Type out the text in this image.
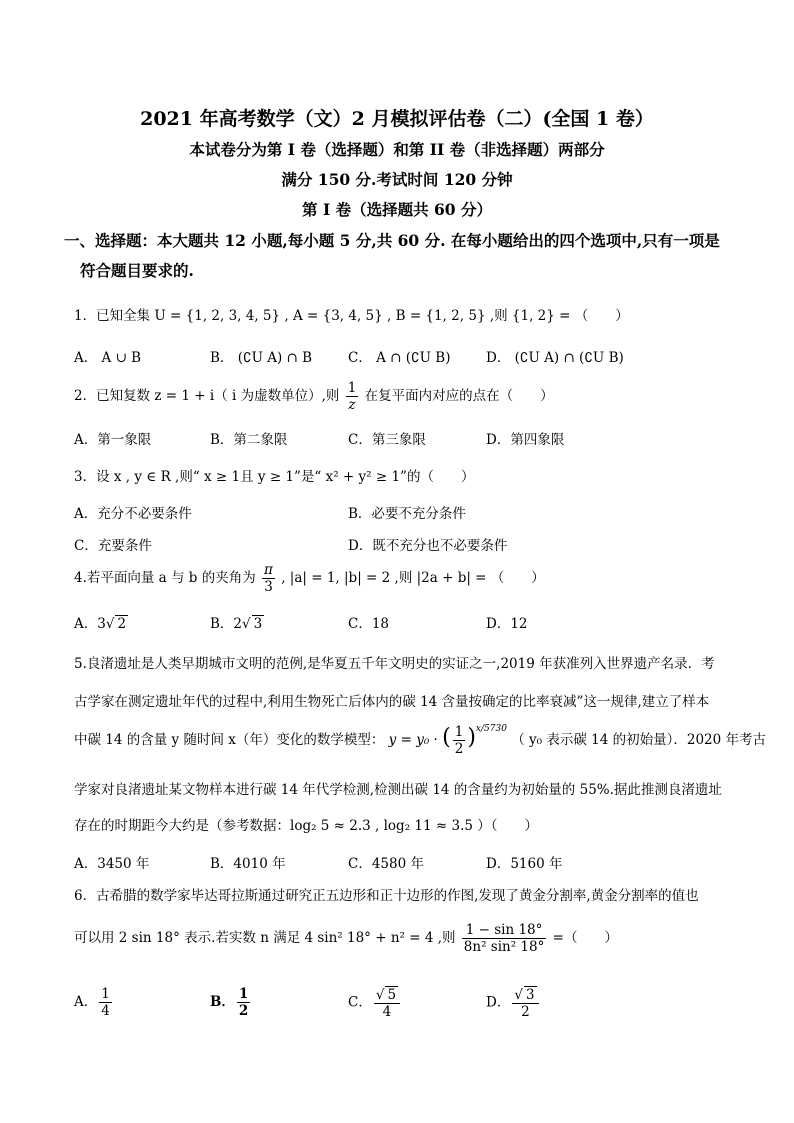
2021 年高考数学（文）2 月模拟评估卷（二）(全国 1 卷）
本试卷分为第 I 卷（选择题）和第 II 卷（非选择题）两部分
满分 150 分.考试时间 120 分钟
第 I 卷（选择题共 60 分）
一、选择题：本大题共 12 小题,每小题 5 分,共 60 分. 在每小题给出的四个选项中,只有一项是
符合题目要求的.
1．已知全集 U = {1, 2, 3, 4, 5} , A = {3, 4, 5} , B = {1, 2, 5} ,则 {1, 2} = （　　）
A． A ∪ B	B． (∁U A) ∩ B	C． A ∩ (∁U B)	D． (∁U A) ∩ (∁U B)
2．已知复数 z = 1 + i（ i 为虚数单位）,则 $\frac{1}{z}$ 在复平面内对应的点在（　　）
A．第一象限	B．第二象限	C．第三象限	D．第四象限
3．设 x , y ∈ R ,则“ x ≥ 1且 y ≥ 1”是“ x² + y² ≥ 1”的（　　）
A．充分不必要条件	B．必要不充分条件
C．充要条件	D．既不充分也不必要条件
4.若平面向量 a 与 b 的夹角为 $\frac{\pi}{3}$ , |a| = 1, |b| = 2 ,则 |2a + b| = （　　）
A．3√ 2	B．2√ 3	C．18	D．12
5.良渚遗址是人类早期城市文明的范例,是华夏五千年文明史的实证之一,2019 年获准列入世界遗产名录．考
古学家在测定遗址年代的过程中,利用生物死亡后体内的碳 14 含量按确定的比率衰减”这一规律,建立了样本
中碳 14 的含量 y 随时间 x（年）变化的数学模型： y = y₀ · ( $\frac{1}{2} )^{x/5730}$ （ y₀ 表示碳 14 的初始量）．2020 年考古
学家对良渚遗址某文物样本进行碳 14 年代学检测,检测出碳 14 的含量约为初始量的 55%.据此推测良渚遗址
存在的时期距今大约是（参考数据：log₂ 5 ≈ 2.3 , log₂ 11 ≈ 3.5 ）（　　）
A．3450 年	B．4010 年	C．4580 年	D．5160 年
6．古希腊的数学家毕达哥拉斯通过研究正五边形和正十边形的作图,发现了黄金分割率,黄金分割率的值也
可以用 2 sin 18° 表示.若实数 n 满足 4 sin² 18° + n² = 4 ,则 $\frac{1 - \sin 18^\circ}{\text{8n² sin² 18°}}$ =（　　）
A． $\frac{1}{4}$	B． $\frac{1}{2}$	C． $\frac{√ 5}{4}$	D． $\frac{√ 3}{2}$
